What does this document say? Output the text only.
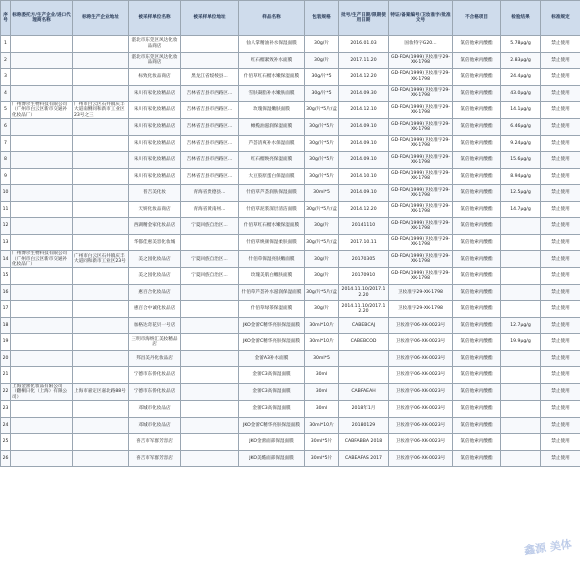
序号	标称委托方/生产企业/进口代理商名称	标称生产企业地址	被采样单位名称	被采样单位地址	样品名称	包装规格	批号/生产日期/限期使用日期	特证/备案编号/卫妆准字/批准文号	不合格项目	检验结果	标准规定
1			湛北市东莞区风达化妆品商店		仙人掌精油补水保湿面膜	30g/片	2016.01.03	国妆特字G20...	氯倍他索丙酸酯	5.78μg/g	禁止使用
2			湛北市东莞区风达化妆品商店		红石榴紧致补水面膜	30g/片	2017.11.20	GD·FDA(1999)卫妆准字29-XK-1798	氯倍他索丙酸酯	2.83μg/g	禁止使用
3			标致化妆品商店	黑龙江省绥棱县...	什佰草红石榴水嫩保湿面膜	30g/片*5	2014.12.20	GD·FDA(1999)卫妆准字29-XK-1798	氯倍他索丙酸酯	24.4μg/g	禁止使用
4			朱川有家化妆精品店	吉林省吉县市西路区...	雪肤凝脂补水嫩肤面膜	30g/片*5	2014.09.30	GD·FDA(1999)卫妆准字29-XK-1798	氯倍他索丙酸酯	43.0μg/g	禁止使用
5	广州博尔生物科技有限公司（广州市白云区新市交通补化妆品厂）	广州市白云区石井镇庆丰大道南侧同和新市工业区23号之三	朱川有家化妆精品店	吉林省吉县市西路区...	玫瑰保湿嫩肤面膜	30g/片*5片/盒	2014.12.10	GD·FDA(1999)卫妆准字29-XK-1798	氯倍他索丙酸酯	14.1μg/g	禁止使用
6			朱川有家化妆精品店	吉林省吉县市西路区...	橄榄油滋润保湿面膜	30g/片*5片	2014.09.10	GD·FDA(1999)卫妆准字29-XK-1798	氯倍他索丙酸酯	6.46μg/g	禁止使用
7			朱川有家化妆精品店	吉林省吉县市西路区...	芦荟清爽补水保湿面膜	30g/片*5片	2014.09.10	GD·FDA(1999)卫妆准字29-XK-1798	氯倍他索丙酸酯	9.24μg/g	禁止使用
8			朱川有家化妆精品店	吉林省吉县市西路区...	红石榴焕亮保湿面膜	30g/片*5片	2014.09.10	GD·FDA(1999)卫妆准字29-XK-1798	氯倍他索丙酸酯	15.6μg/g	禁止使用
9			朱川有家化妆精品店	吉林省吉县市西路区...	大豆胶原蛋白保湿面膜	30g/片*5片	2014.10.10	GD·FDA(1999)卫妆准字29-XK-1798	氯倍他索丙酸酯	8.94μg/g	禁止使用
10			普吉美化妆	青海省贵德县...	什佰草芦荟润肤保湿面膜	30ml*5	2014.09.10	GD·FDA(1999)卫妆准字29-XK-1798	氯倍他索丙酸酯	12.5μg/g	禁止使用
11			天妍化妆品商店	青海省黄南州...	什佰草泥浆深层清洁面膜	30g/片*5片/盒	2014.12.20	GD·FDA(1999)卫妆准字29-XK-1798	氯倍他索丙酸酯	14.7μg/g	禁止使用
12			西湖精金家化妆品店	宁夏回族自治区...	什佰草红石榴水嫩保湿面膜	30g/片	20141110	GD·FDA(1999)卫妆准字29-XK-1798	氯倍他索丙酸酯		禁止使用
13			华都佳惠美容化妆城		什佰草焕颜保湿柔肤面膜	30g/片*5片/盒	2017.10.11	GD·FDA(1999)卫妆准字29-XK-1798	氯倍他索丙酸酯		禁止使用
14	广州博尔生物科技有限公司（广州市白云区新市交通补化妆品厂）	广州市白云区石井镇庆丰大道同和新市工业区23号	美之园化妆品店	宁夏回族自治区...	什佰草保湿亮肤嫩面膜	30g/片	20170305	GD·FDA(1999)卫妆准字29-XK-1798	氯倍他索丙酸酯		禁止使用
15			美之园化妆品店	宁夏回族自治区...	玫瑰美肌白嫩肤面膜	30g/片	20170910	GD·FDA(1999)卫妆准字29-XK-1798	氯倍他索丙酸酯		禁止使用
16			惠百合化妆品店		什佰草芦荟补水滋润保湿面膜	30g/片*5片/盒	2014.11.10/2017.12.20	卫妆准字29-XK-1798	氯倍他索丙酸酯		禁止使用
17			惠百合中诚化妆品店		什佰草绿茶保湿面膜	30g/片	2014.11.10/2017.12.20	卫妆准字29-XK-1798	氯倍他索丙酸酯		禁止使用
18			加格达奇花贝一号店		JKO金蕾C精华亮肤保湿面膜	30ml*10片	CABEBCAJ	卫妆准字06-XK-0023号	氯倍他索丙酸酯	12.7μg/g	禁止使用
19			三明市海纳汇美妆精品店		JKO金蕾C精华亮肤保湿面膜	30ml*10片	CABEBCOD	卫妆准字06-XK-0023号	氯倍他索丙酸酯	19.9μg/g	禁止使用
20			邦昌美丹化妆品店		金蕾A3补水面膜	30ml*5		卫妆准字06-XK-0023号	氯倍他索丙酸酯		禁止使用
21			宁德市东侨化妆品店		金蕾C3高保湿面膜	30ml		卫妆准字06-XK-0023号	氯倍他索丙酸酯		禁止使用
22	上海金蕾化妆品有限公司（翻桐日化（上海）有限公司）	上海市嘉定区嘉北路88号	宁德市东侨化妆品店		金蕾C3高保湿面膜	30ml	CABFAEAH	卫妆准字06-XK-0023号	氯倍他索丙酸酯		禁止使用
23			邓城市化妆品店		金蕾C3高保湿面膜	30ml	2018年1月	卫妆准字06-XK-0023号	氯倍他索丙酸酯		禁止使用
24			邓城市化妆品店		JKO金蕾C精华亮肤保湿面膜	30ml*10片	20180129	卫妆准字06-XK-0023号	氯倍他索丙酸酯		禁止使用
25			喜吉市军群芳容店		JKO金蕾面部保湿面膜	30ml*5片	CABFABBA 2018	卫妆准字06-XK-0023号	氯倍他索丙酸酯		禁止使用
26			喜吉市军群芳容店		JKO美酷面部保湿面膜	30ml*5片	CABEAFAS 2017	卫妆准字06-XK-0023号	氯倍他索丙酸酯		禁止使用
鑫源 美体
